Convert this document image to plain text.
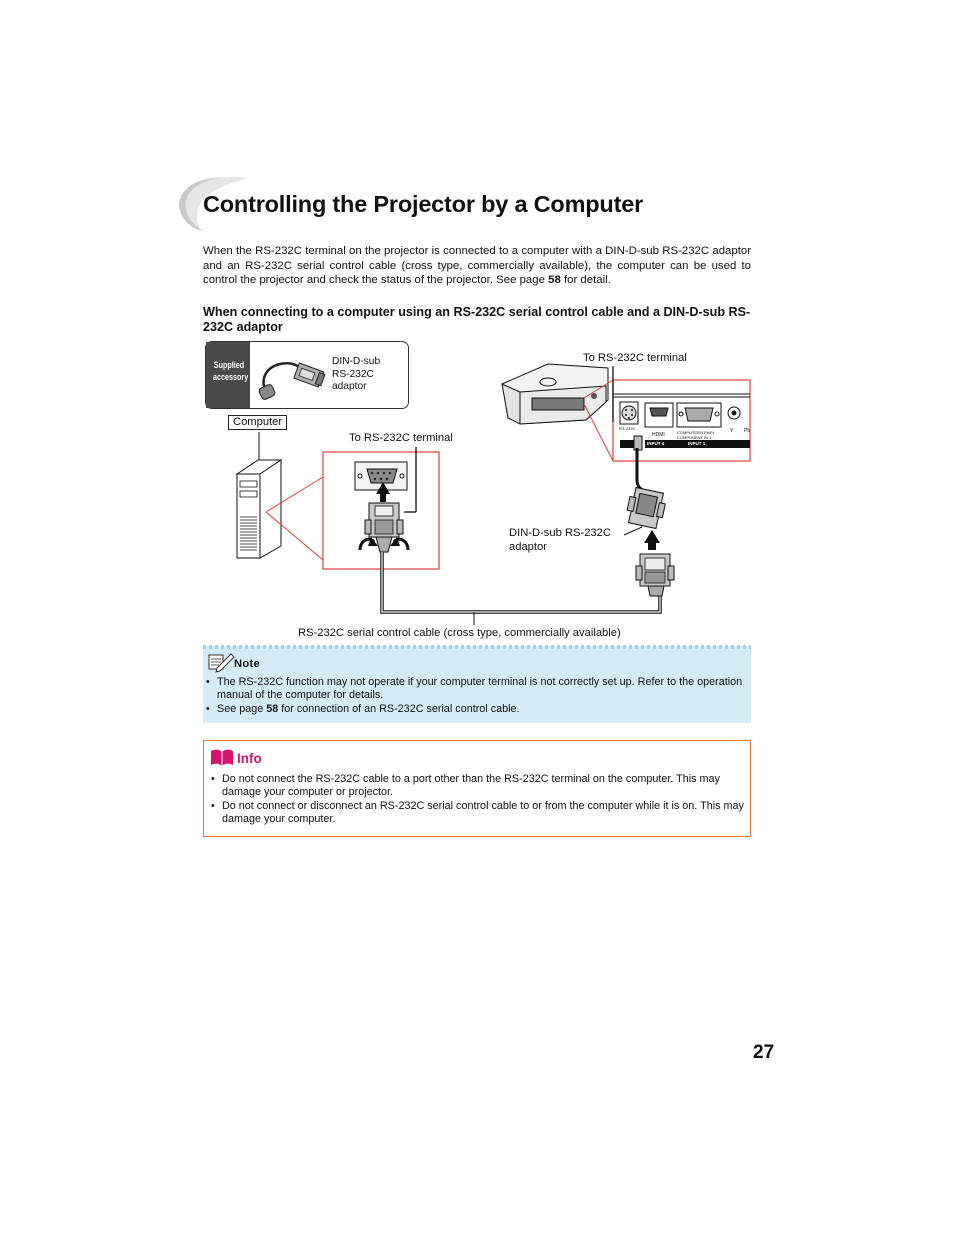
Controlling the Projector by a Computer
When the RS-232C terminal on the projector is connected to a computer with a DIN-D-sub RS-232C adaptor and an RS-232C serial control cable (cross type, commercially available), the computer can be used to control the projector and check the status of the projector. See page 58 for detail.
When connecting to a computer using an RS-232C serial control cable and a DIN-D-sub RS-232C adaptor
Supplied accessory
DIN-D-sub RS-232C adaptor
Computer
RS-232C
HDMI	COMPUTER/Y,Pb/Pr COMPONENT IN 1
Y Pb
INPUT 4	INPUT 1
To RS-232C terminal
To RS-232C terminal
DIN-D-sub RS-232C adaptor
RS-232C serial control cable (cross type, commercially available)
Note
• The RS-232C function may not operate if your computer terminal is not correctly set up. Refer to the operation manual of the computer for details.
• See page 58 for connection of an RS-232C serial control cable.
Info
• Do not connect the RS-232C cable to a port other than the RS-232C terminal on the computer. This may damage your computer or projector.
• Do not connect or disconnect an RS-232C serial control cable to or from the computer while it is on. This may damage your computer.
27
